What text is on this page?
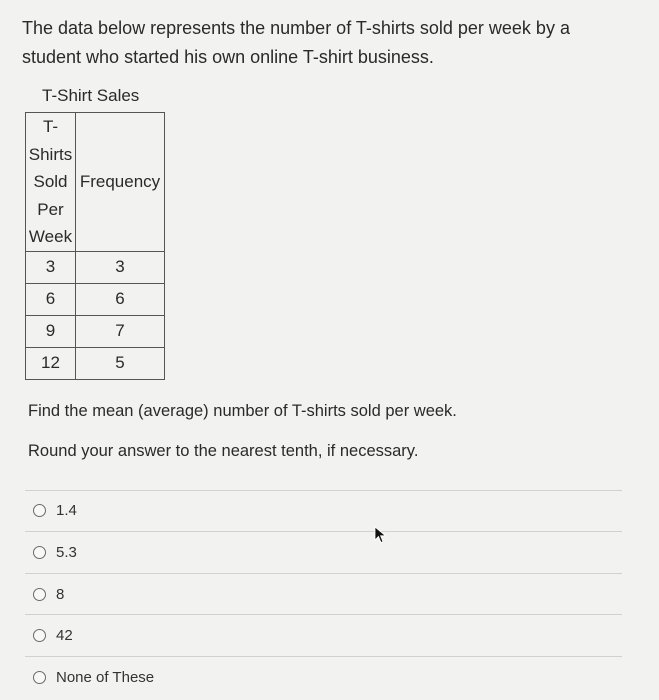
The data below represents the number of T-shirts sold per week by a student who started his own online T-shirt business.
T-Shirt Sales
T-
Shirts
Sold
Per
Week	Frequency
3	3
6	6
9	7
12	5
Find the mean (average) number of T-shirts sold per week.
Round your answer to the nearest tenth, if necessary.
1.4
5.3
8
42
None of These
